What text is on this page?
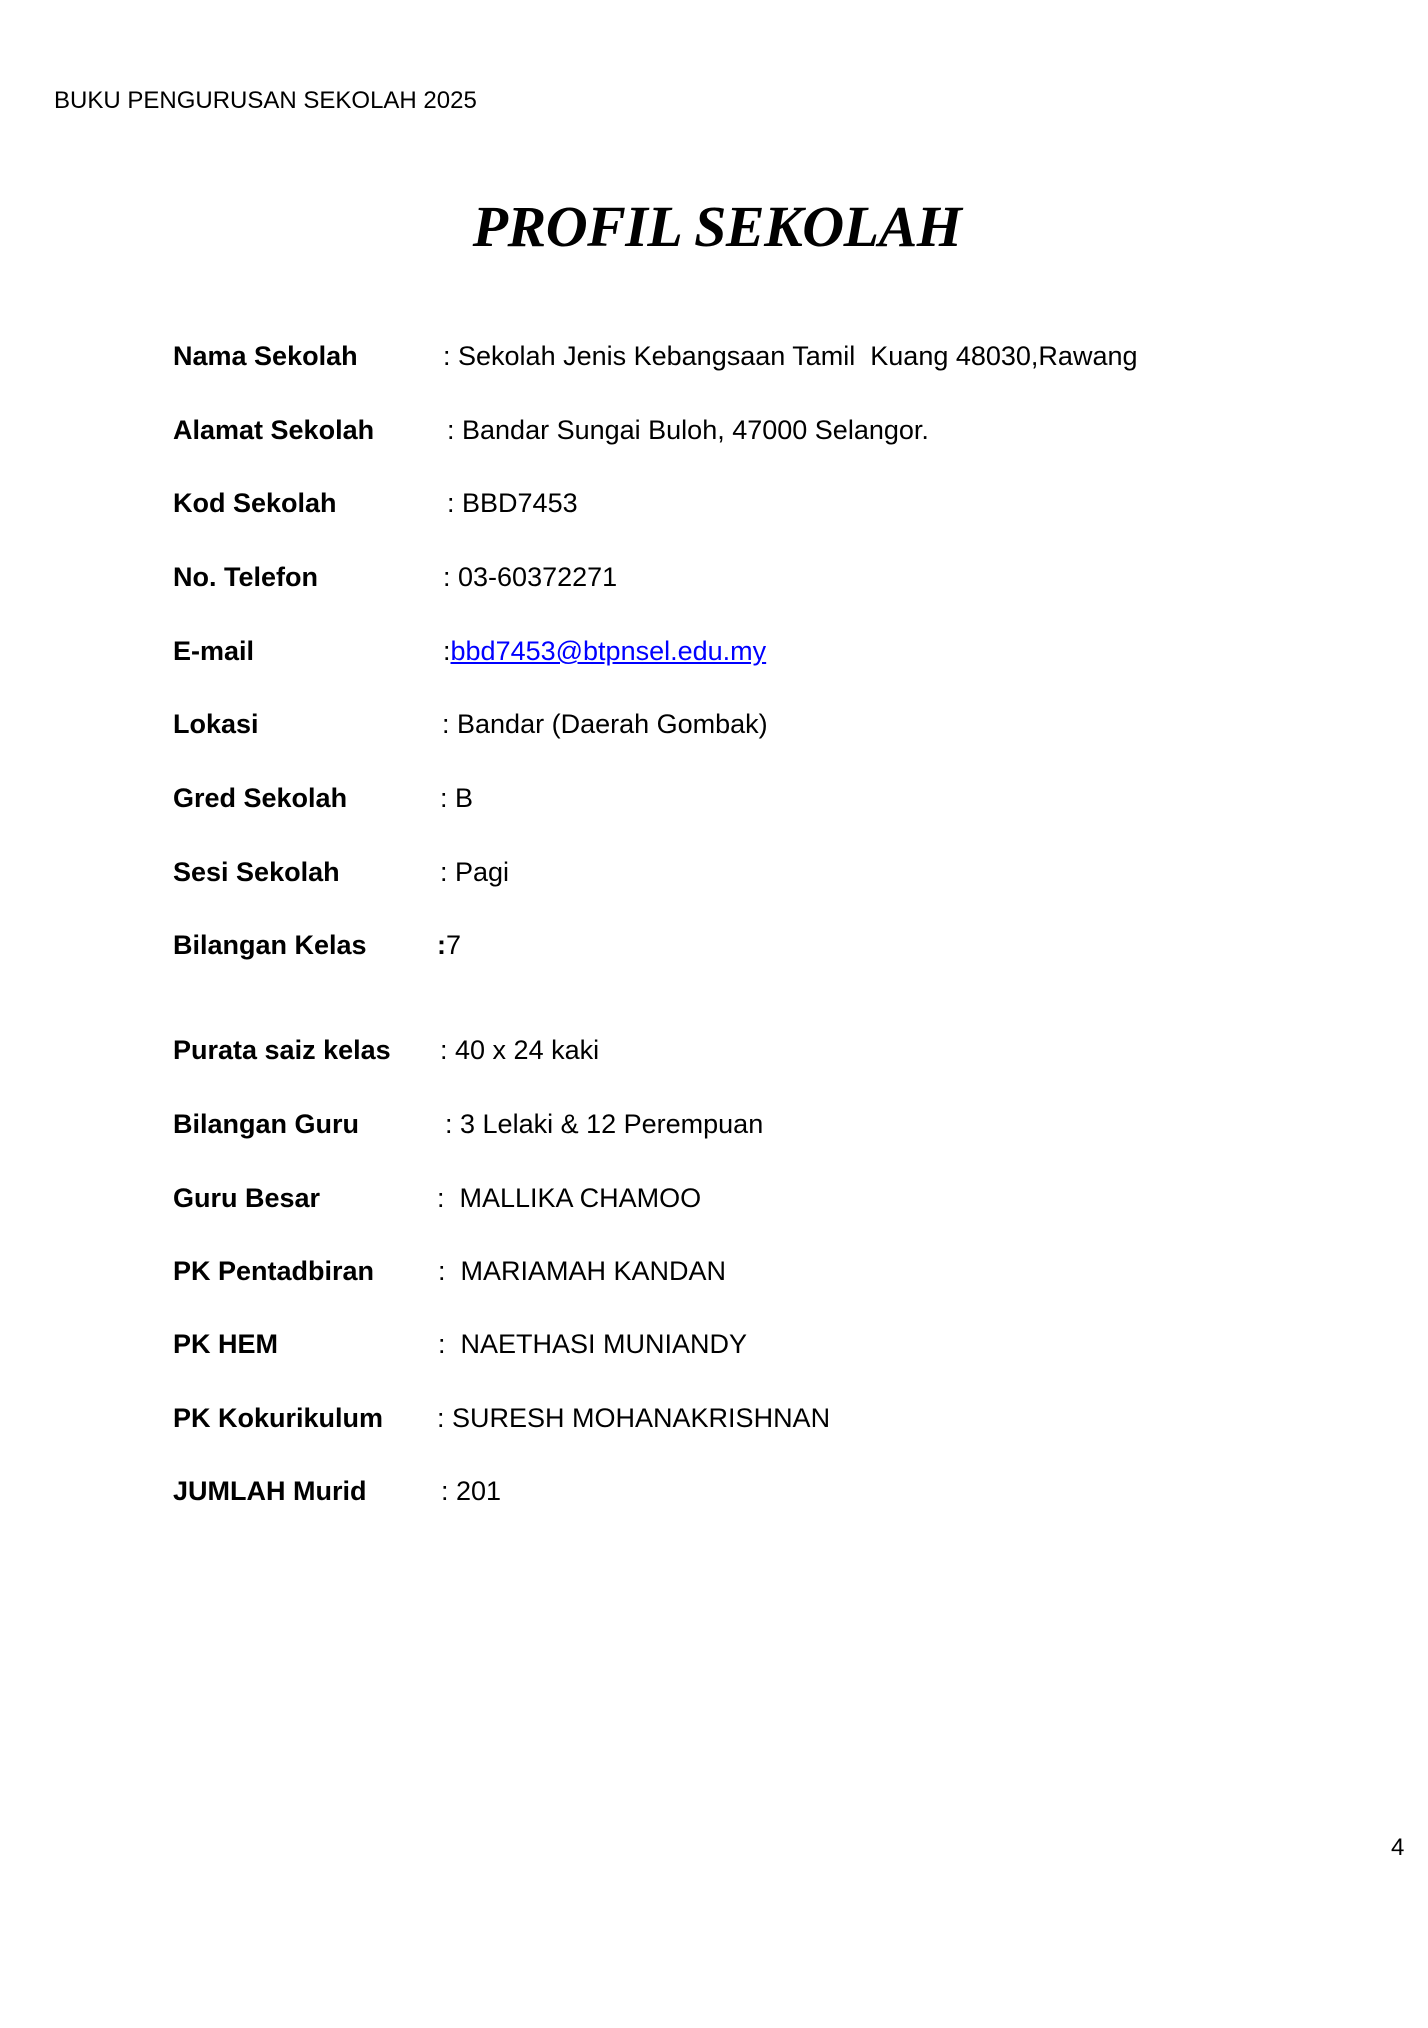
BUKU PENGURUSAN SEKOLAH 2025
PROFIL SEKOLAH
Nama Sekolah	: Sekolah Jenis Kebangsaan Tamil  Kuang 48030,Rawang
Alamat Sekolah	: Bandar Sungai Buloh, 47000 Selangor.
Kod Sekolah	: BBD7453
No. Telefon	: 03-60372271
E-mail	:bbd7453@btpnsel.edu.my
Lokasi	: Bandar (Daerah Gombak)
Gred Sekolah	: B
Sesi Sekolah	: Pagi
Bilangan Kelas	:7
Purata saiz kelas : 40 x 24 kaki
Bilangan Guru	: 3 Lelaki & 12 Perempuan
Guru Besar	:  MALLIKA CHAMOO
PK Pentadbiran :  MARIAMAH KANDAN
PK HEM	:  NAETHASI MUNIANDY
PK Kokurikulum : SURESH MOHANAKRISHNAN
JUMLAH Murid	: 201
4
